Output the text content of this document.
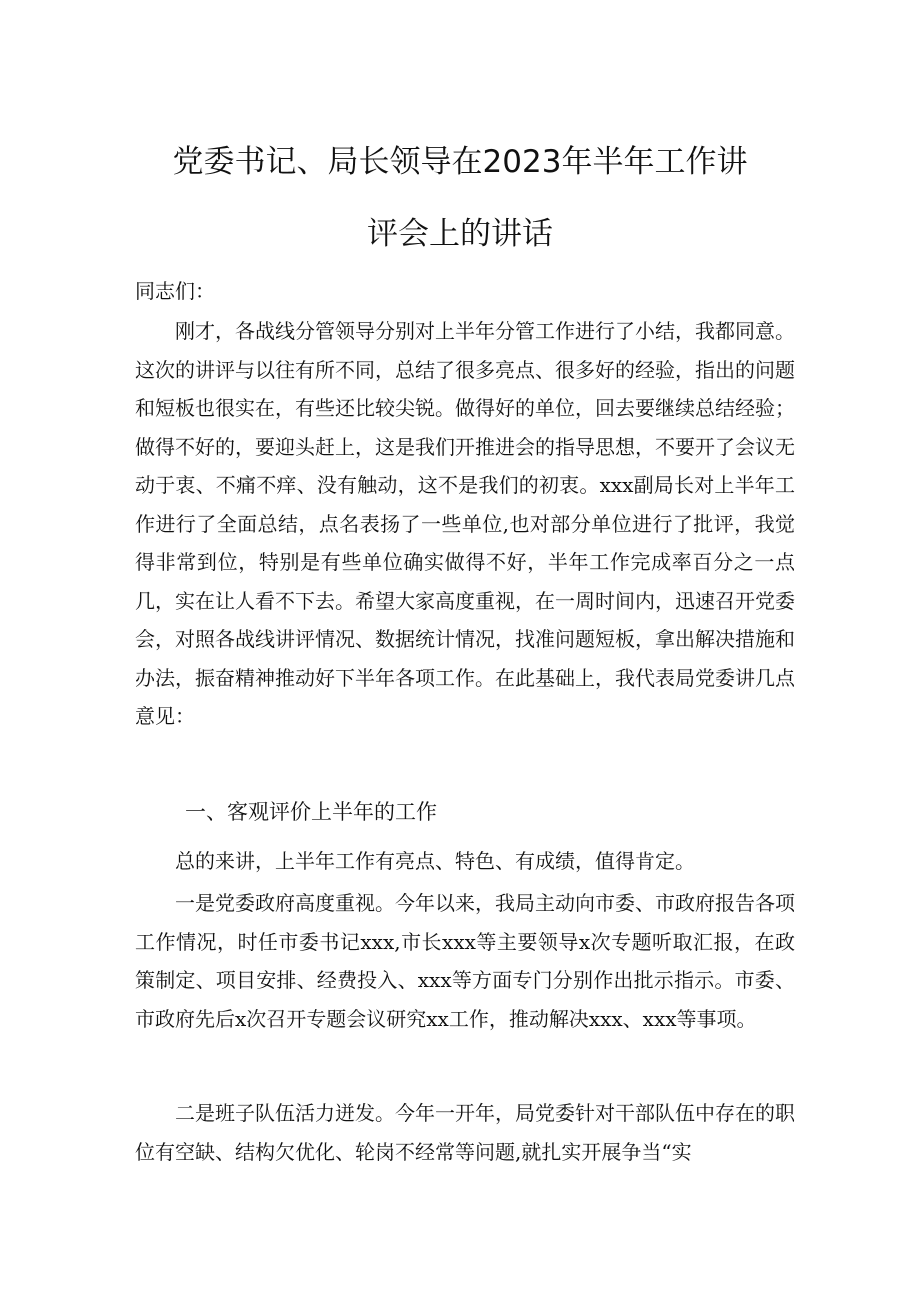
党委书记、局长领导在2023年半年工作讲
评会上的讲话
同志们：

刚才，各战线分管领导分别对上半年分管工作进行了小结，我都同意。这次的讲评与以往有所不同，总结了很多亮点、很多好的经验，指出的问题和短板也很实在，有些还比较尖锐。做得好的单位，回去要继续总结经验；做得不好的，要迎头赶上，这是我们开推进会的指导思想，不要开了会议无动于衷、不痛不痒、没有触动，这不是我们的初衷。xxx副局长对上半年工作进行了全面总结，点名表扬了一些单位,也对部分单位进行了批评，我觉得非常到位，特别是有些单位确实做得不好，半年工作完成率百分之一点几，实在让人看不下去。希望大家高度重视，在一周时间内，迅速召开党委会，对照各战线讲评情况、数据统计情况，找准问题短板，拿出解决措施和办法，振奋精神推动好下半年各项工作。在此基础上，我代表局党委讲几点意见：

一、客观评价上半年的工作

总的来讲，上半年工作有亮点、特色、有成绩，值得肯定。

一是党委政府高度重视。今年以来，我局主动向市委、市政府报告各项工作情况，时任市委书记xxx,市长xxx等主要领导x次专题听取汇报，在政策制定、项目安排、经费投入、xxx等方面专门分别作出批示指示。市委、市政府先后x次召开专题会议研究xx工作，推动解决xxx、xxx等事项。

二是班子队伍活力迸发。今年一开年，局党委针对干部队伍中存在的职位有空缺、结构欠优化、轮岗不经常等问题,就扎实开展争当“实
